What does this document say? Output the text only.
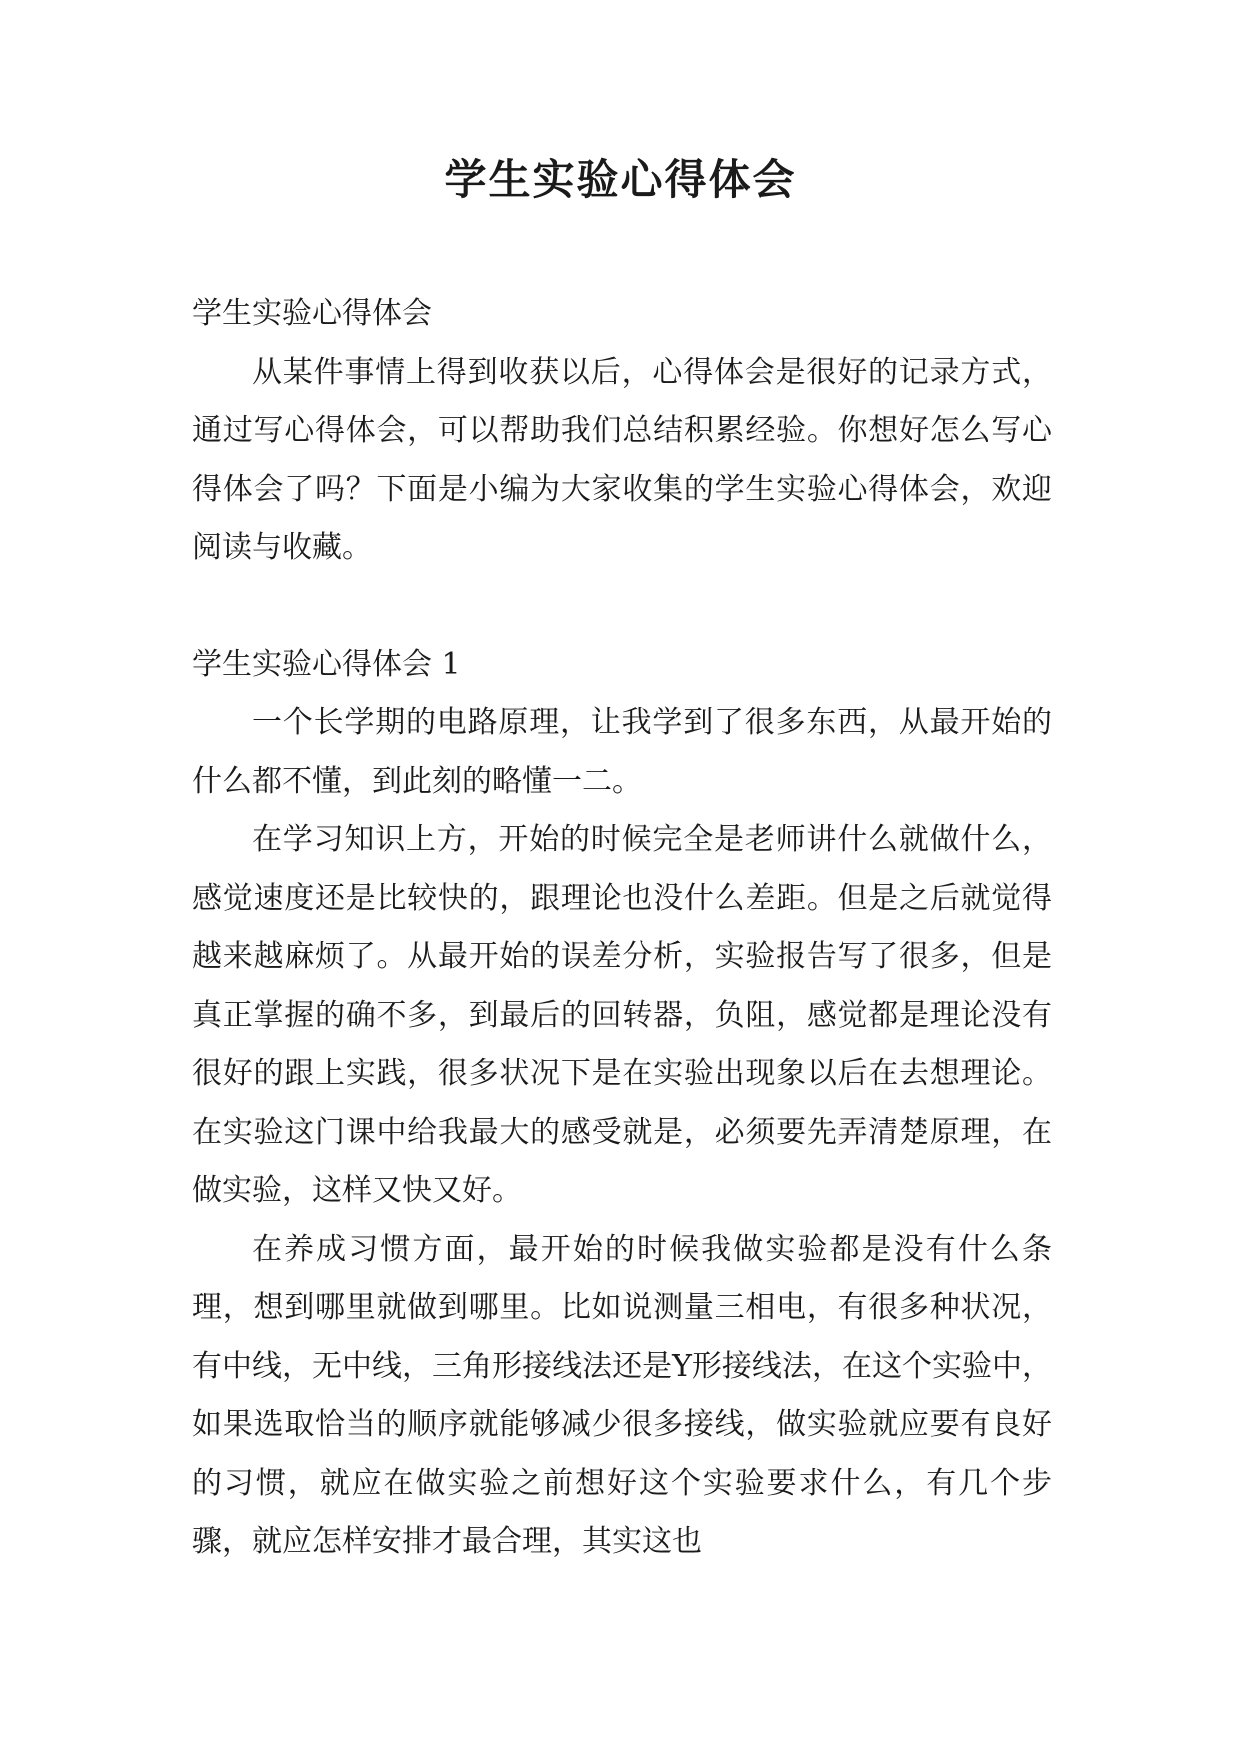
学生实验心得体会

学生实验心得体会

从某件事情上得到收获以后，心得体会是很好的记录方式，通过写心得体会，可以帮助我们总结积累经验。你想好怎么写心得体会了吗？下面是小编为大家收集的学生实验心得体会，欢迎阅读与收藏。

学生实验心得体会 1

一个长学期的电路原理，让我学到了很多东西，从最开始的什么都不懂，到此刻的略懂一二。

在学习知识上方，开始的时候完全是老师讲什么就做什么，感觉速度还是比较快的，跟理论也没什么差距。但是之后就觉得越来越麻烦了。从最开始的误差分析，实验报告写了很多，但是真正掌握的确不多，到最后的回转器，负阻，感觉都是理论没有很好的跟上实践，很多状况下是在实验出现象以后在去想理论。在实验这门课中给我最大的感受就是，必须要先弄清楚原理，在做实验，这样又快又好。

在养成习惯方面，最开始的时候我做实验都是没有什么条理，想到哪里就做到哪里。比如说测量三相电，有很多种状况，有中线，无中线，三角形接线法还是Y形接线法，在这个实验中，如果选取恰当的顺序就能够减少很多接线，做实验就应要有良好的习惯，就应在做实验之前想好这个实验要求什么，有几个步骤，就应怎样安排才最合理，其实这也
